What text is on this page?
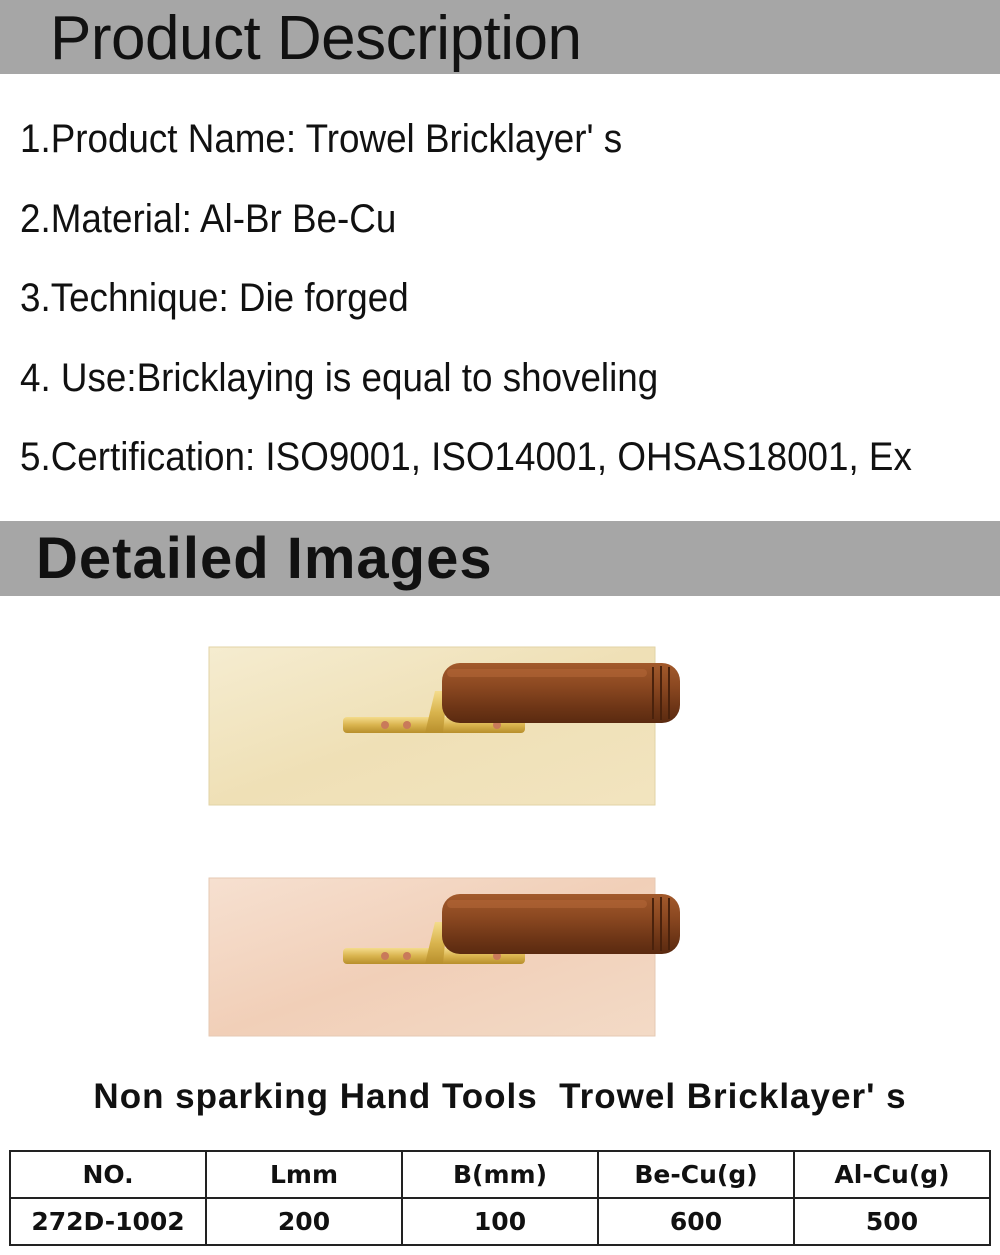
Product Description
1.Product Name: Trowel Bricklayer' s
2.Material: Al-Br Be-Cu
3.Technique: Die forged
4. Use:Bricklaying is equal to shoveling
5.Certification: ISO9001, ISO14001, OHSAS18001, Ex
Detailed Images
Non sparking Hand Tools  Trowel Bricklayer' s
NO.	Lmm	B(mm)	Be-Cu(g)	Al-Cu(g)
272D-1002	200	100	600	500
